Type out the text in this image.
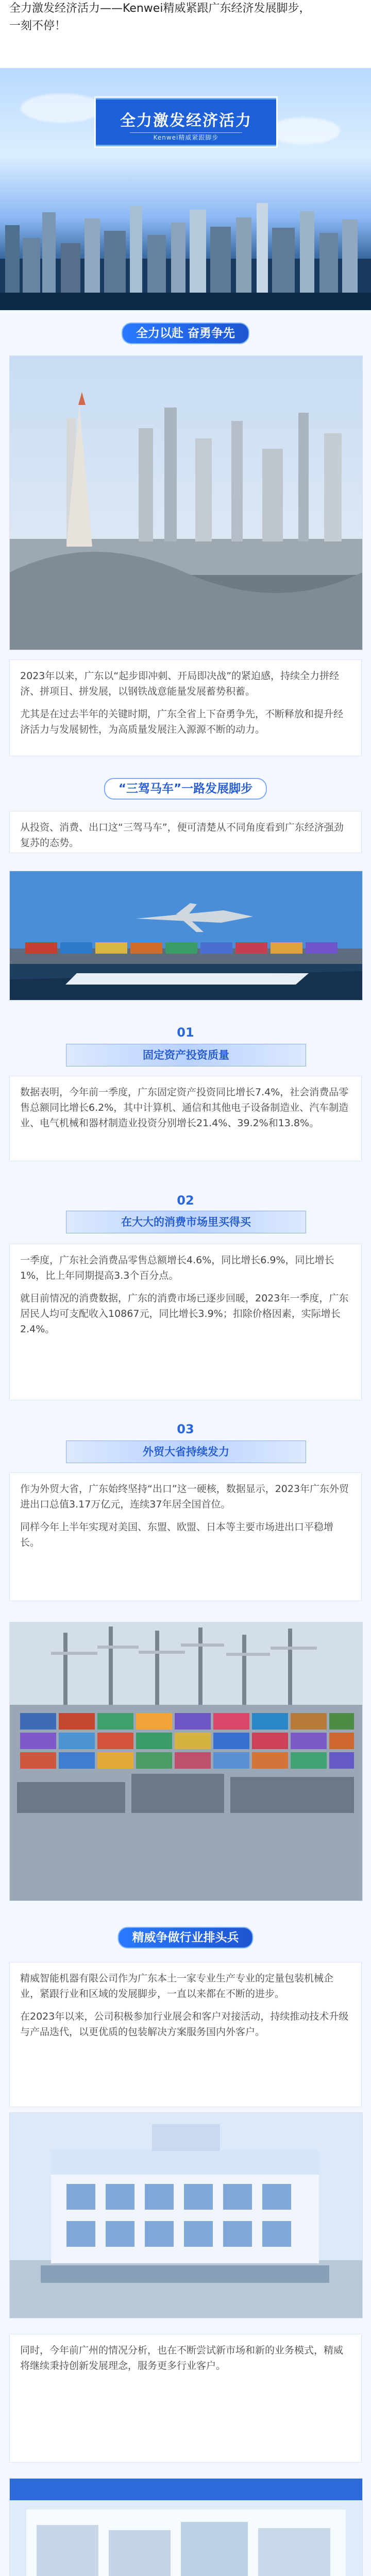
全力激发经济活力——Kenwei精威紧跟广东经济发展脚步，
一刻不停！
全力激发经济活力
Kenwei精威紧跟脚步
全力以赴 奋勇争先

2023年以来，广东以“起步即冲刺、开局即决战”的紧迫感，持续全力拼经济、拼项目、拼发展，以钢铁战意能量发展蓄势积蓄。

尤其是在过去半年的关键时期，广东全省上下奋勇争先，不断释放和提升经济活力与发展韧性，为高质量发展注入源源不断的动力。

“三驾马车”一路发展脚步

从投资、消费、出口这“三驾马车”，便可清楚从不同角度看到广东经济强劲复苏的态势。

01
固定资产投资质量

数据表明，今年前一季度，广东固定资产投资同比增长7.4%，社会消费品零售总额同比增长6.2%，其中计算机、通信和其他电子设备制造业、汽车制造业、电气机械和器材制造业投资分别增长21.4%、39.2%和13.8%。

02
在大大的消费市场里买得买

一季度，广东社会消费品零售总额增长4.6%，同比增长6.9%，同比增长1%，比上年同期提高3.3个百分点。

就目前情况的消费数据，广东的消费市场已逐步回暖，2023年一季度，广东居民人均可支配收入10867元，同比增长3.9%；扣除价格因素，实际增长2.4%。

03
外贸大省持续发力

作为外贸大省，广东始终坚持“出口”这一硬核，数据显示，2023年广东外贸进出口总值3.17万亿元，连续37年居全国首位。

同样今年上半年实现对美国、东盟、欧盟、日本等主要市场进出口平稳增长。

精威争做行业排头兵

精威智能机器有限公司作为广东本土一家专业生产专业的定量包装机械企业，紧跟行业和区域的发展脚步，一直以来都在不断的进步。

在2023年以来，公司积极参加行业展会和客户对接活动，持续推动技术升级与产品迭代，以更优质的包装解决方案服务国内外客户。

同时，今年前广州的情况分析，也在不断尝试新市场和新的业务模式，精威将继续秉持创新发展理念，服务更多行业客户。
